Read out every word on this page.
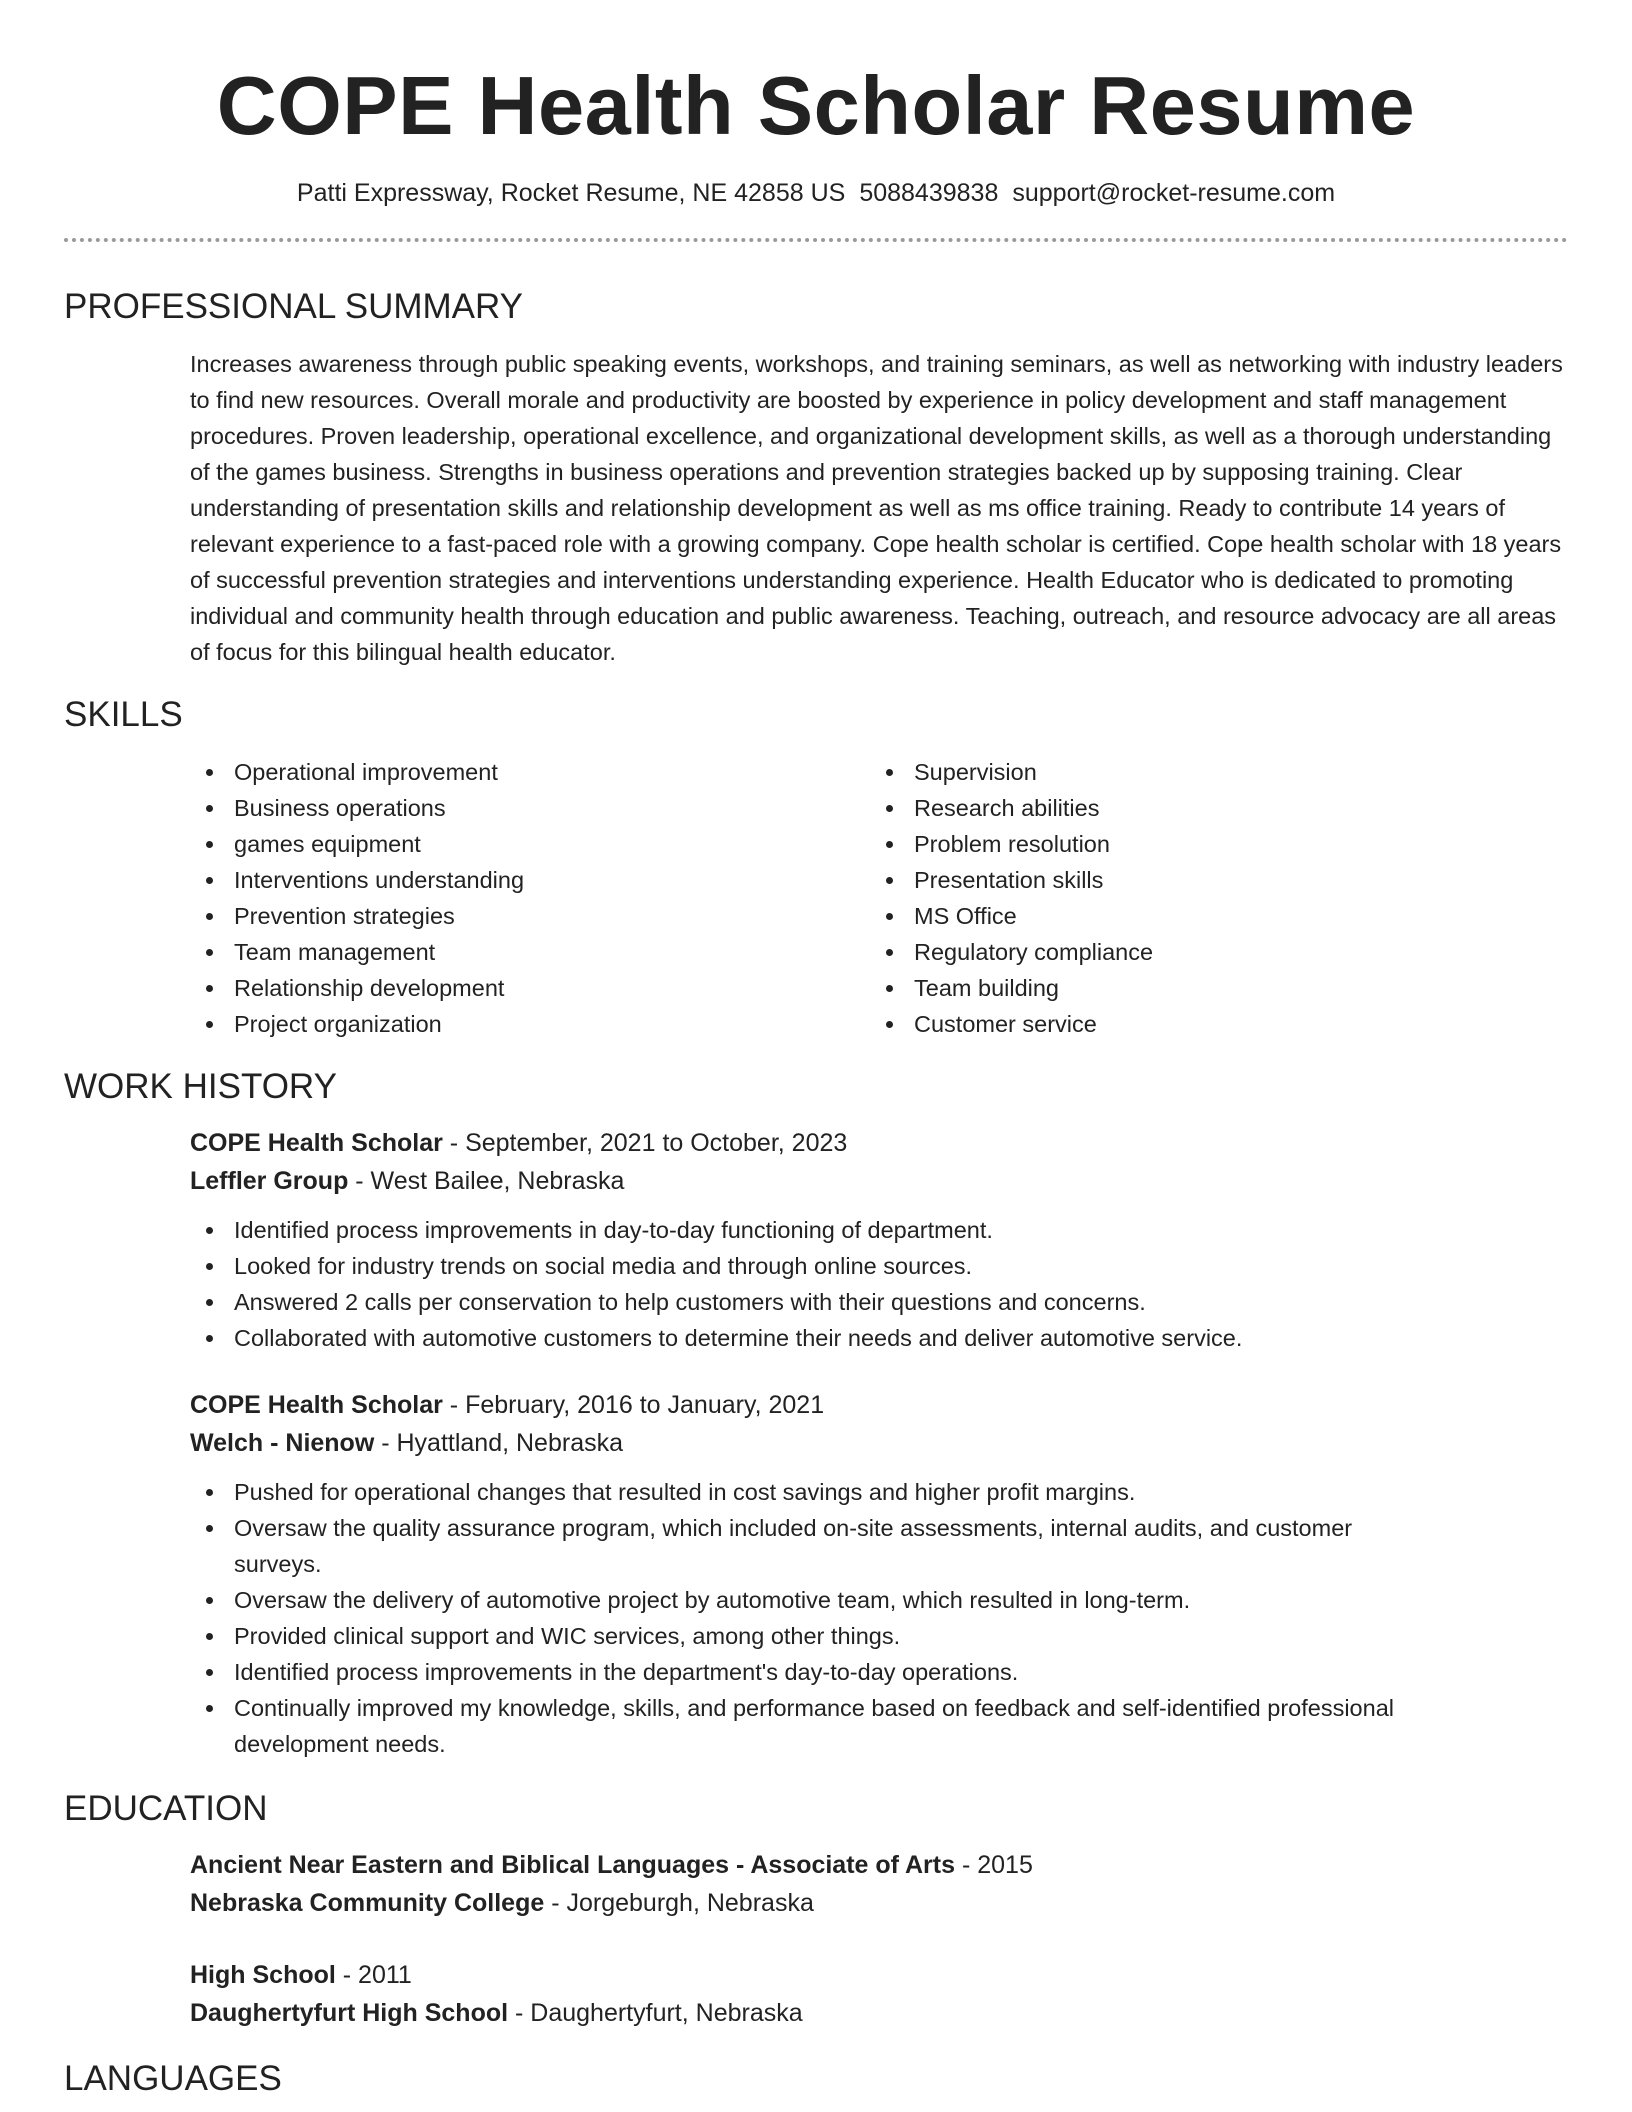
COPE Health Scholar Resume
Patti Expressway, Rocket Resume, NE 42858 US 5088439838 support@rocket-resume.com
PROFESSIONAL SUMMARY
Increases awareness through public speaking events, workshops, and training seminars, as well as networking with industry leaders to find new resources. Overall morale and productivity are boosted by experience in policy development and staff management procedures. Proven leadership, operational excellence, and organizational development skills, as well as a thorough understanding of the games business. Strengths in business operations and prevention strategies backed up by supposing training. Clear understanding of presentation skills and relationship development as well as ms office training. Ready to contribute 14 years of relevant experience to a fast-paced role with a growing company. Cope health scholar is certified. Cope health scholar with 18 years of successful prevention strategies and interventions understanding experience. Health Educator who is dedicated to promoting individual and community health through education and public awareness. Teaching, outreach, and resource advocacy are all areas of focus for this bilingual health educator.
SKILLS
Operational improvement
Business operations
games equipment
Interventions understanding
Prevention strategies
Team management
Relationship development
Project organization
Supervision
Research abilities
Problem resolution
Presentation skills
MS Office
Regulatory compliance
Team building
Customer service
WORK HISTORY
COPE Health Scholar - September, 2021 to October, 2023
Leffler Group - West Bailee, Nebraska
Identified process improvements in day-to-day functioning of department.
Looked for industry trends on social media and through online sources.
Answered 2 calls per conservation to help customers with their questions and concerns.
Collaborated with automotive customers to determine their needs and deliver automotive service.
COPE Health Scholar - February, 2016 to January, 2021
Welch - Nienow - Hyattland, Nebraska
Pushed for operational changes that resulted in cost savings and higher profit margins.
Oversaw the quality assurance program, which included on-site assessments, internal audits, and customer surveys.
Oversaw the delivery of automotive project by automotive team, which resulted in long-term.
Provided clinical support and WIC services, among other things.
Identified process improvements in the department's day-to-day operations.
Continually improved my knowledge, skills, and performance based on feedback and self-identified professional development needs.
EDUCATION
Ancient Near Eastern and Biblical Languages - Associate of Arts - 2015
Nebraska Community College - Jorgeburgh, Nebraska
High School - 2011
Daughertyfurt High School - Daughertyfurt, Nebraska
LANGUAGES
